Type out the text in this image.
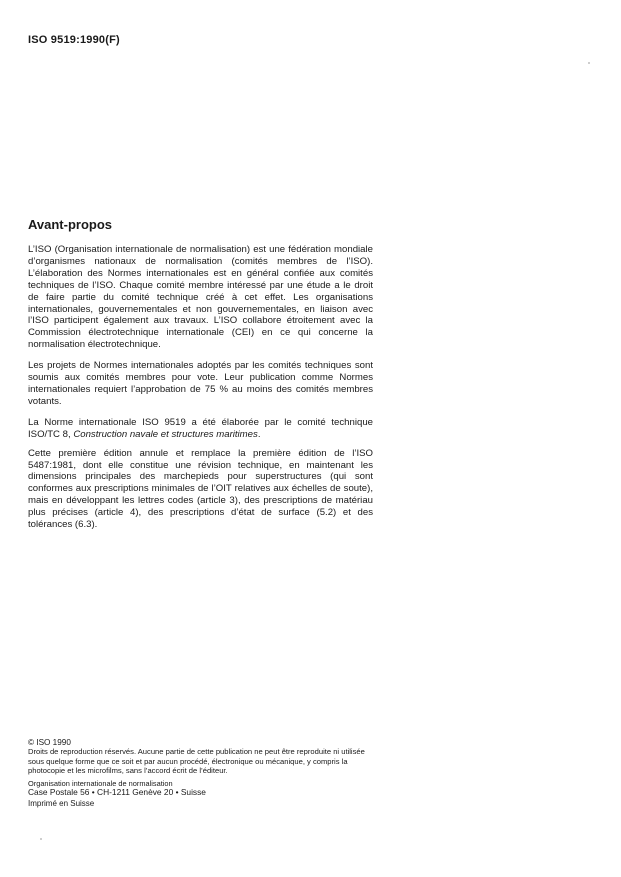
ISO 9519:1990(F)
Avant-propos

L’ISO (Organisation internationale de normalisation) est une fédération mondiale d’organismes nationaux de normalisation (comités membres de l’ISO). L’élaboration des Normes internationales est en général confiée aux comités techniques de l’ISO. Chaque comité membre intéressé par une étude a le droit de faire partie du comité technique créé à cet effet. Les organisations internationales, gouvernementales et non gouvernementales, en liaison avec l’ISO participent également aux travaux. L’ISO collabore étroitement avec la Commission électrotechnique internationale (CEI) en ce qui concerne la normalisation électrotechnique.

Les projets de Normes internationales adoptés par les comités techniques sont soumis aux comités membres pour vote. Leur publication comme Normes internationales requiert l’approbation de 75 % au moins des comités membres votants.

La Norme internationale ISO 9519 a été élaborée par le comité technique ISO/TC 8, Construction navale et structures maritimes.

Cette première édition annule et remplace la première édition de l’ISO 5487:1981, dont elle constitue une révision technique, en maintenant les dimensions principales des marchepieds pour superstructures (qui sont conformes aux prescriptions minimales de l’OIT relatives aux échelles de soute), mais en développant les lettres codes (article 3), des prescriptions de matériau plus précises (article 4), des prescriptions d’état de surface (5.2) et des tolérances (6.3).

© ISO 1990

Droits de reproduction réservés. Aucune partie de cette publication ne peut être reproduite ni utilisée sous quelque forme que ce soit et par aucun procédé, électronique ou mécanique, y compris la photocopie et les microfilms, sans l’accord écrit de l’éditeur.

Organisation internationale de normalisation

Case Postale 56 • CH-1211 Genève 20 • Suisse

Imprimé en Suisse
